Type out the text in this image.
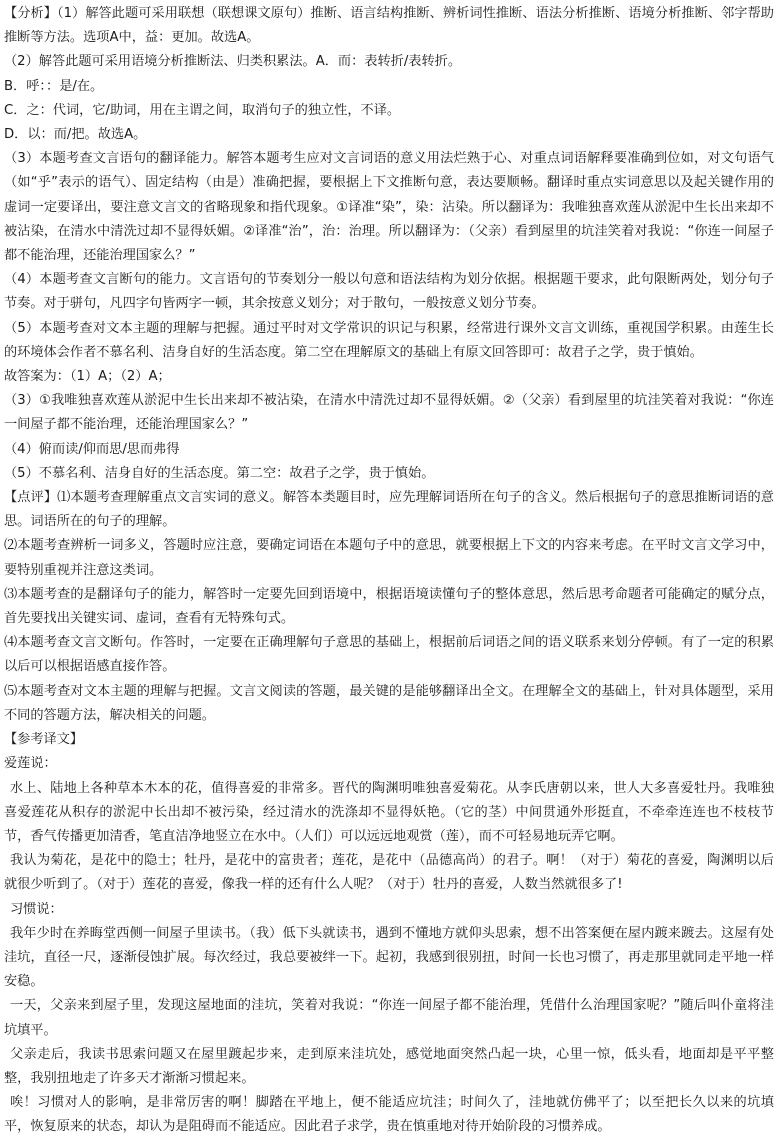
【分析】（1）解答此题可采用联想（联想课文原句）推断、语言结构推断、辨析词性推断、语法分析推断、语境分析推断、邻字帮助推断等方法。选项A中，益：更加。故选A。

（2）解答此题可采用语境分析推断法、归类积累法。A．而：表转折/表转折。

B．呼：：是/在。

C．之：代词，它/助词，用在主谓之间，取消句子的独立性，不译。

D．以：而/把。故选A。

（3）本题考查文言语句的翻译能力。解答本题考生应对文言词语的意义用法烂熟于心、对重点词语解释要准确到位如，对文句语气（如“乎”表示的语气）、固定结构（由是）准确把握，要根据上下文推断句意，表达要顺畅。翻译时重点实词意思以及起关键作用的虚词一定要译出，要注意文言文的省略现象和指代现象。①译准“染”，染：沾染。所以翻译为：我唯独喜欢莲从淤泥中生长出来却不被沾染，在清水中清洗过却不显得妖媚。②译准“治”，治：治理。所以翻译为：（父亲）看到屋里的坑洼笑着对我说：“你连一间屋子都不能治理，还能治理国家么？”

（4）本题考查文言断句的能力。文言语句的节奏划分一般以句意和语法结构为划分依据。根据题干要求，此句限断两处，划分句子节奏。对于骈句，凡四字句皆两字一顿，其余按意义划分；对于散句，一般按意义划分节奏。

（5）本题考查对文本主题的理解与把握。通过平时对文学常识的识记与积累，经常进行课外文言文训练，重视国学积累。由莲生长的环境体会作者不慕名利、洁身自好的生活态度。第二空在理解原文的基础上有原文回答即可：故君子之学，贵于慎始。

故答案为：（1）A；（2）A；

（3）①我唯独喜欢莲从淤泥中生长出来却不被沾染，在清水中清洗过却不显得妖媚。②（父亲）看到屋里的坑洼笑着对我说：“你连一间屋子都不能治理，还能治理国家么？”

（4）俯而读/仰而思/思而弗得

（5）不慕名利、洁身自好的生活态度。第二空：故君子之学，贵于慎始。

【点评】⑴本题考查理解重点文言实词的意义。解答本类题目时，应先理解词语所在句子的含义。然后根据句子的意思推断词语的意思。词语所在的句子的理解。

⑵本题考查辨析一词多义，答题时应注意，要确定词语在本题句子中的意思，就要根据上下文的内容来考虑。在平时文言文学习中，要特别重视并注意这类词。

⑶本题考查的是翻译句子的能力，解答时一定要先回到语境中，根据语境读懂句子的整体意思，然后思考命题者可能确定的赋分点，首先要找出关键实词、虚词，查看有无特殊句式。

⑷本题考查文言文断句。作答时，一定要在正确理解句子意思的基础上，根据前后词语之间的语义联系来划分停顿。有了一定的积累以后可以根据语感直接作答。

⑸本题考查对文本主题的理解与把握。文言文阅读的答题，最关键的是能够翻译出全文。在理解全文的基础上，针对具体题型，采用不同的答题方法，解决相关的问题。

【参考译文】

爱莲说：

水上、陆地上各种草本木本的花，值得喜爱的非常多。晋代的陶渊明唯独喜爱菊花。从李氏唐朝以来，世人大多喜爱牡丹。我唯独喜爱莲花从积存的淤泥中长出却不被污染，经过清水的洗涤却不显得妖艳。（它的茎）中间贯通外形挺直，不牵牵连连也不枝枝节节，香气传播更加清香，笔直洁净地竖立在水中。（人们）可以远远地观赏（莲），而不可轻易地玩弄它啊。

我认为菊花，是花中的隐士；牡丹，是花中的富贵者；莲花，是花中（品德高尚）的君子。啊！（对于）菊花的喜爱，陶渊明以后就很少听到了。（对于）莲花的喜爱，像我一样的还有什么人呢？（对于）牡丹的喜爱，人数当然就很多了!

习惯说：

我年少时在养晦堂西侧一间屋子里读书。（我）低下头就读书，遇到不懂地方就仰头思索，想不出答案便在屋内踱来踱去。这屋有处洼坑，直径一尺，逐渐侵蚀扩展。每次经过，我总要被绊一下。起初，我感到很别扭，时间一长也习惯了，再走那里就同走平地一样安稳。

一天，父亲来到屋子里，发现这屋地面的洼坑，笑着对我说：“你连一间屋子都不能治理，凭借什么治理国家呢？”随后叫仆童将洼坑填平。

父亲走后，我读书思索问题又在屋里踱起步来，走到原来洼坑处，感觉地面突然凸起一块，心里一惊，低头看，地面却是平平整整，我别扭地走了许多天才渐渐习惯起来。

唉！习惯对人的影响，是非常厉害的啊！脚踏在平地上，便不能适应坑洼；时间久了，洼地就仿佛平了；以至把长久以来的坑填平，恢复原来的状态，却认为是阻碍而不能适应。因此君子求学，贵在慎重地对待开始阶段的习惯养成。
